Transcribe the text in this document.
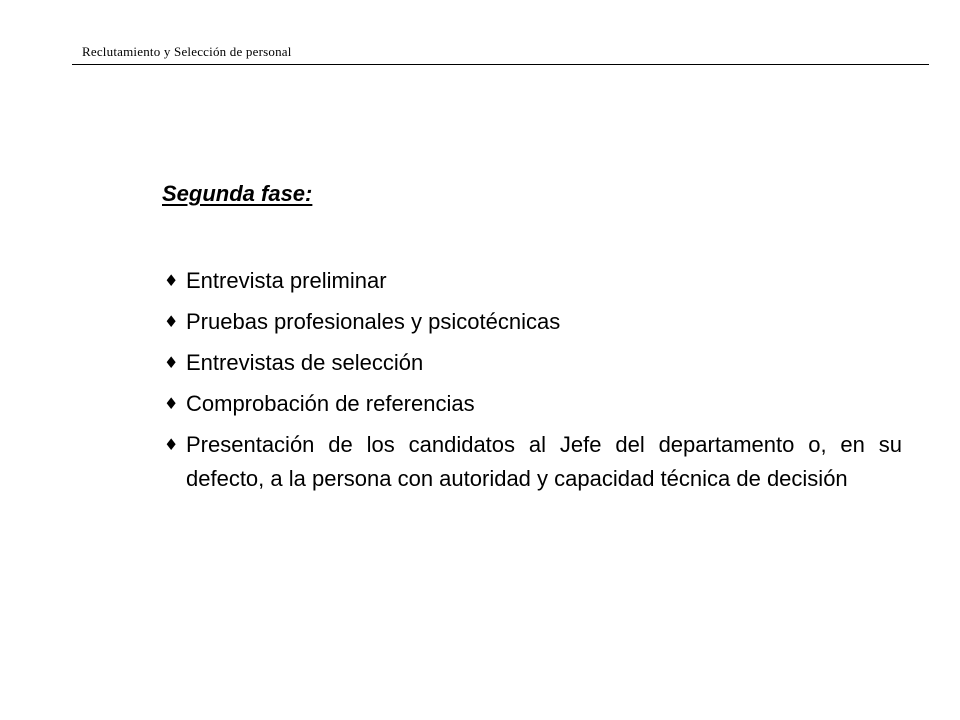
Reclutamiento y Selección de personal
Segunda fase:
♦ Entrevista preliminar
♦ Pruebas profesionales y psicotécnicas
♦ Entrevistas de selección
♦ Comprobación de referencias
♦ Presentación de los candidatos al Jefe del departamento o, en su defecto, a la persona con autoridad y capacidad técnica de decisión
